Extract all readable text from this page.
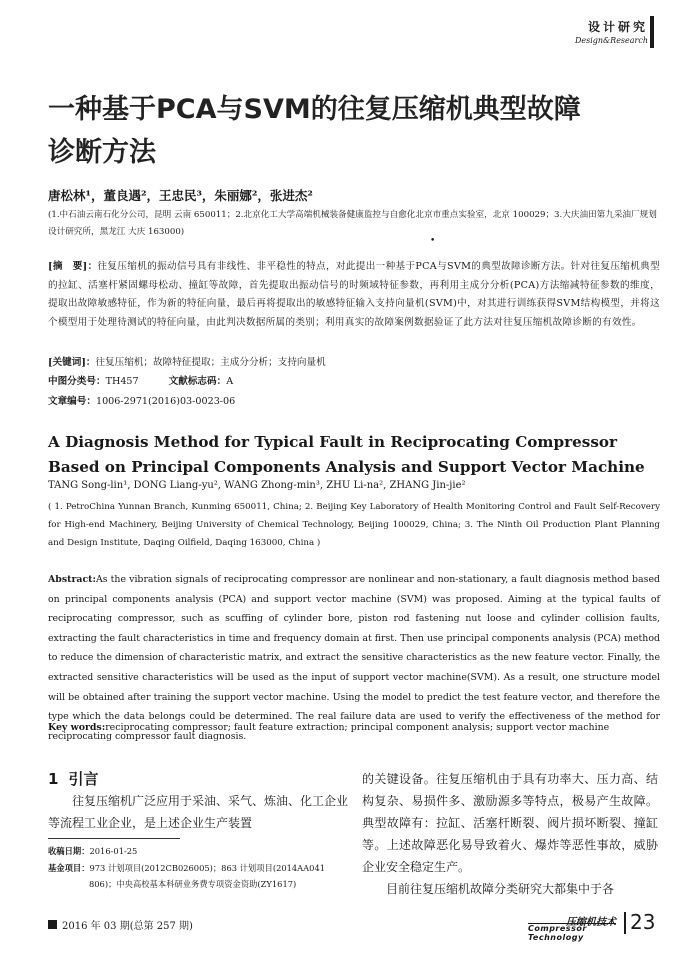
设计研究
Design&Research
一种基于PCA与SVM的往复压缩机典型故障
诊断方法
唐松林¹，董良遇²，王忠民³，朱丽娜²，张进杰²
(1.中石油云南石化分公司，昆明 云南 650011；2.北京化工大学高端机械装备健康监控与自愈化北京市重点实验室，北京 100029；3.大庆油田第九采油厂规划设计研究所，黑龙江 大庆 163000)
•
[摘　要]：往复压缩机的振动信号具有非线性、非平稳性的特点，对此提出一种基于PCA与SVM的典型故障诊断方法。针对往复压缩机典型的拉缸、活塞杆紧固螺母松动、撞缸等故障，首先提取出振动信号的时频域特征参数，再利用主成分分析(PCA)方法缩减特征参数的维度，提取出故障敏感特征，作为新的特征向量，最后再将提取出的敏感特征输入支持向量机(SVM)中，对其进行训练获得SVM结构模型，并将这个模型用于处理待测试的特征向量，由此判决数据所属的类别；利用真实的故障案例数据验证了此方法对往复压缩机故障诊断的有效性。
[关键词]：往复压缩机；故障特征提取；主成分分析；支持向量机
中图分类号：TH457	文献标志码：A
文章编号：1006-2971(2016)03-0023-06
A Diagnosis Method for Typical Fault in Reciprocating Compressor Based on Principal Components Analysis and Support Vector Machine
TANG Song-lin¹, DONG Liang-yu², WANG Zhong-min³, ZHU Li-na², ZHANG Jin-jie²
( 1. PetroChina Yunnan Branch, Kunming 650011, China; 2. Beijing Key Laboratory of Health Monitoring Control and Fault Self-Recovery for High-end Machinery, Beijing University of Chemical Technology, Beijing 100029, China; 3. The Ninth Oil Production Plant Planning and Design Institute, Daqing Oilfield, Daqing 163000, China )
Abstract:As the vibration signals of reciprocating compressor are nonlinear and non-stationary, a fault diagnosis method based on principal components analysis (PCA) and support vector machine (SVM) was proposed. Aiming at the typical faults of reciprocating compressor, such as scuffing of cylinder bore, piston rod fastening nut loose and cylinder collision faults, extracting the fault characteristics in time and frequency domain at first. Then use principal components analysis (PCA) method to reduce the dimension of characteristic matrix, and extract the sensitive characteristics as the new feature vector. Finally, the extracted sensitive characteristics will be used as the input of support vector machine(SVM). As a result, one structure model will be obtained after training the support vector machine. Using the model to predict the test feature vector, and therefore the type which the data belongs could be determined. The real failure data are used to verify the effectiveness of the method for reciprocating compressor fault diagnosis.
Key words:reciprocating compressor; fault feature extraction; principal component analysis; support vector machine
1 引言
往复压缩机广泛应用于采油、采气、炼油、化工企业等流程工业企业，是上述企业生产装置
收稿日期：2016-01-25
基金项目：973 计划项目(2012CB026005)；863 计划项目(2014AA041
806)；中央高校基本科研业务费专项资金资助(ZY1617)
的关键设备。往复压缩机由于具有功率大、压力高、结构复杂、易损件多、激励源多等特点，极易产生故障。典型故障有：拉缸、活塞杆断裂、阀片损坏断裂、撞缸等。上述故障恶化易导致着火、爆炸等恶性事故，威胁企业安全稳定生产。
目前往复压缩机故障分类研究大都集中于各
2016 年 03 期(总第 257 期)	压缩机技术
Compressor Technology
23
